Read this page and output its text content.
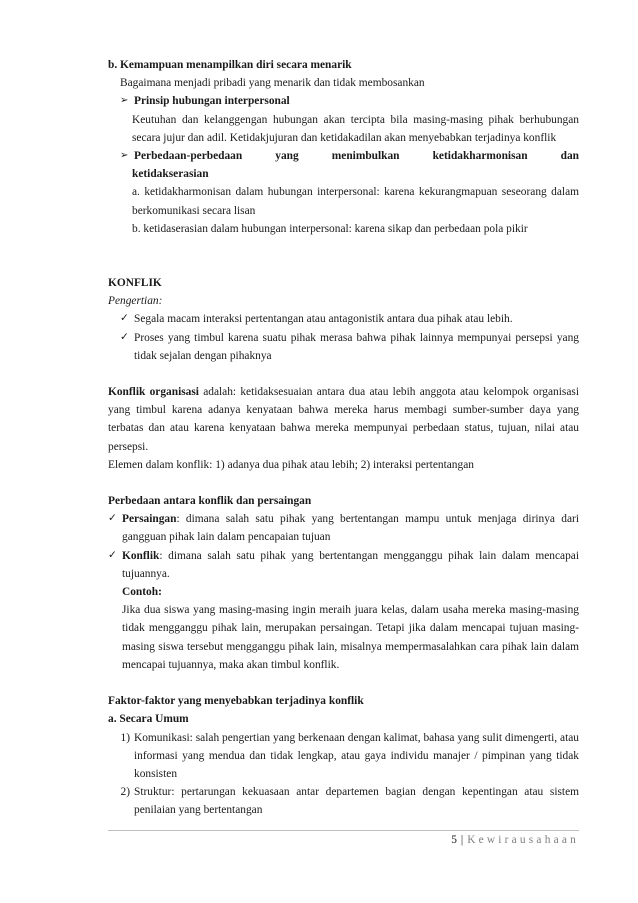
b. Kemampuan menampilkan diri secara menarik
Bagaimana menjadi pribadi yang menarik dan tidak membosankan
➢ Prinsip hubungan interpersonal
Keutuhan dan kelanggengan hubungan akan tercipta bila masing-masing pihak berhubungan secara jujur dan adil. Ketidakjujuran dan ketidakadilan akan menyebabkan terjadinya konflik
➢ Perbedaan-perbedaan yang menimbulkan ketidakharmonisan dan
ketidakserasian
a. ketidakharmonisan dalam hubungan interpersonal: karena kekurangmapuan seseorang dalam berkomunikasi secara lisan
b. ketidaserasian dalam hubungan interpersonal: karena sikap dan perbedaan pola pikir
KONFLIK
Pengertian:
✓ Segala macam interaksi pertentangan atau antagonistik antara dua pihak atau lebih.
✓ Proses yang timbul karena suatu pihak merasa bahwa pihak lainnya mempunyai persepsi yang tidak sejalan dengan pihaknya
Konflik organisasi adalah: ketidaksesuaian antara dua atau lebih anggota atau kelompok organisasi yang timbul karena adanya kenyataan bahwa mereka harus membagi sumber-sumber daya yang terbatas dan atau karena kenyataan bahwa mereka mempunyai perbedaan status, tujuan, nilai atau persepsi.
Elemen dalam konflik: 1) adanya dua pihak atau lebih; 2) interaksi pertentangan
Perbedaan antara konflik dan persaingan
✓ Persaingan: dimana salah satu pihak yang bertentangan mampu untuk menjaga dirinya dari gangguan pihak lain dalam pencapaian tujuan
✓ Konflik: dimana salah satu pihak yang bertentangan mengganggu pihak lain dalam mencapai tujuannya.
Contoh:
Jika dua siswa yang masing-masing ingin meraih juara kelas, dalam usaha mereka masing-masing tidak mengganggu pihak lain, merupakan persaingan. Tetapi jika dalam mencapai tujuan masing-masing siswa tersebut mengganggu pihak lain, misalnya mempermasalahkan cara pihak lain dalam mencapai tujuannya, maka akan timbul konflik.
Faktor-faktor yang menyebabkan terjadinya konflik
a. Secara Umum
1) Komunikasi: salah pengertian yang berkenaan dengan kalimat, bahasa yang sulit dimengerti, atau informasi yang mendua dan tidak lengkap, atau gaya individu manajer / pimpinan yang tidak konsisten
2) Struktur: pertarungan kekuasaan antar departemen bagian dengan kepentingan atau sistem penilaian yang bertentangan
5 | Kewirausahaan
